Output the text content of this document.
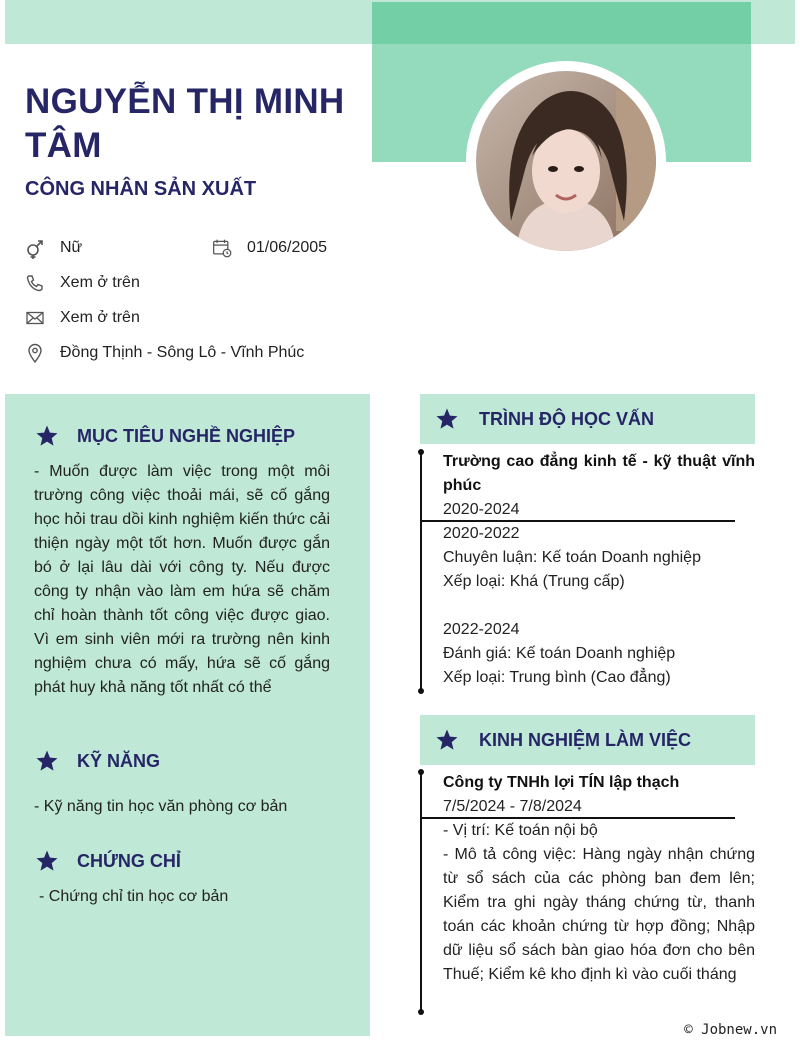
NGUYỄN THỊ MINH TÂM
CÔNG NHÂN SẢN XUẤT
Nữ	01/06/2005
Xem ở trên
Xem ở trên
Đồng Thịnh - Sông Lô - Vĩnh Phúc
MỤC TIÊU NGHỀ NGHIỆP
- Muốn được làm việc trong một môi trường công việc thoải mái, sẽ cố gắng học hỏi trau dồi kinh nghiệm kiến thức cải thiện ngày một tốt hơn. Muốn được gắn bó ở lại lâu dài với công ty. Nếu được công ty nhận vào làm em hứa sẽ chăm chỉ hoàn thành tốt công việc được giao. Vì em sinh viên mới ra trường nên kinh nghiệm chưa có mấy, hứa sẽ cố gắng phát huy khả năng tốt nhất có thể
KỸ NĂNG
- Kỹ năng tin học văn phòng cơ bản
CHỨNG CHỈ
- Chứng chỉ tin học cơ bản
TRÌNH ĐỘ HỌC VẤN
Trường cao đẳng kinh tế - kỹ thuật vĩnh phúc
2020-2024
2020-2022
Chuyên luận: Kế toán Doanh nghiệp
Xếp loại: Khá (Trung cấp)
2022-2024
Đánh giá: Kế toán Doanh nghiệp
Xếp loại: Trung bình (Cao đẳng)
KINH NGHIỆM LÀM VIỆC
Công ty TNHh lợi TÍN lập thạch
7/5/2024 - 7/8/2024
- Vị trí: Kế toán nội bộ
- Mô tả công việc: Hàng ngày nhận chứng từ sổ sách của các phòng ban đem lên; Kiểm tra ghi ngày tháng chứng từ, thanh toán các khoản chứng từ hợp đồng; Nhập dữ liệu sổ sách bàn giao hóa đơn cho bên Thuế; Kiểm kê kho định kì vào cuối tháng
© Jobnew.vn
